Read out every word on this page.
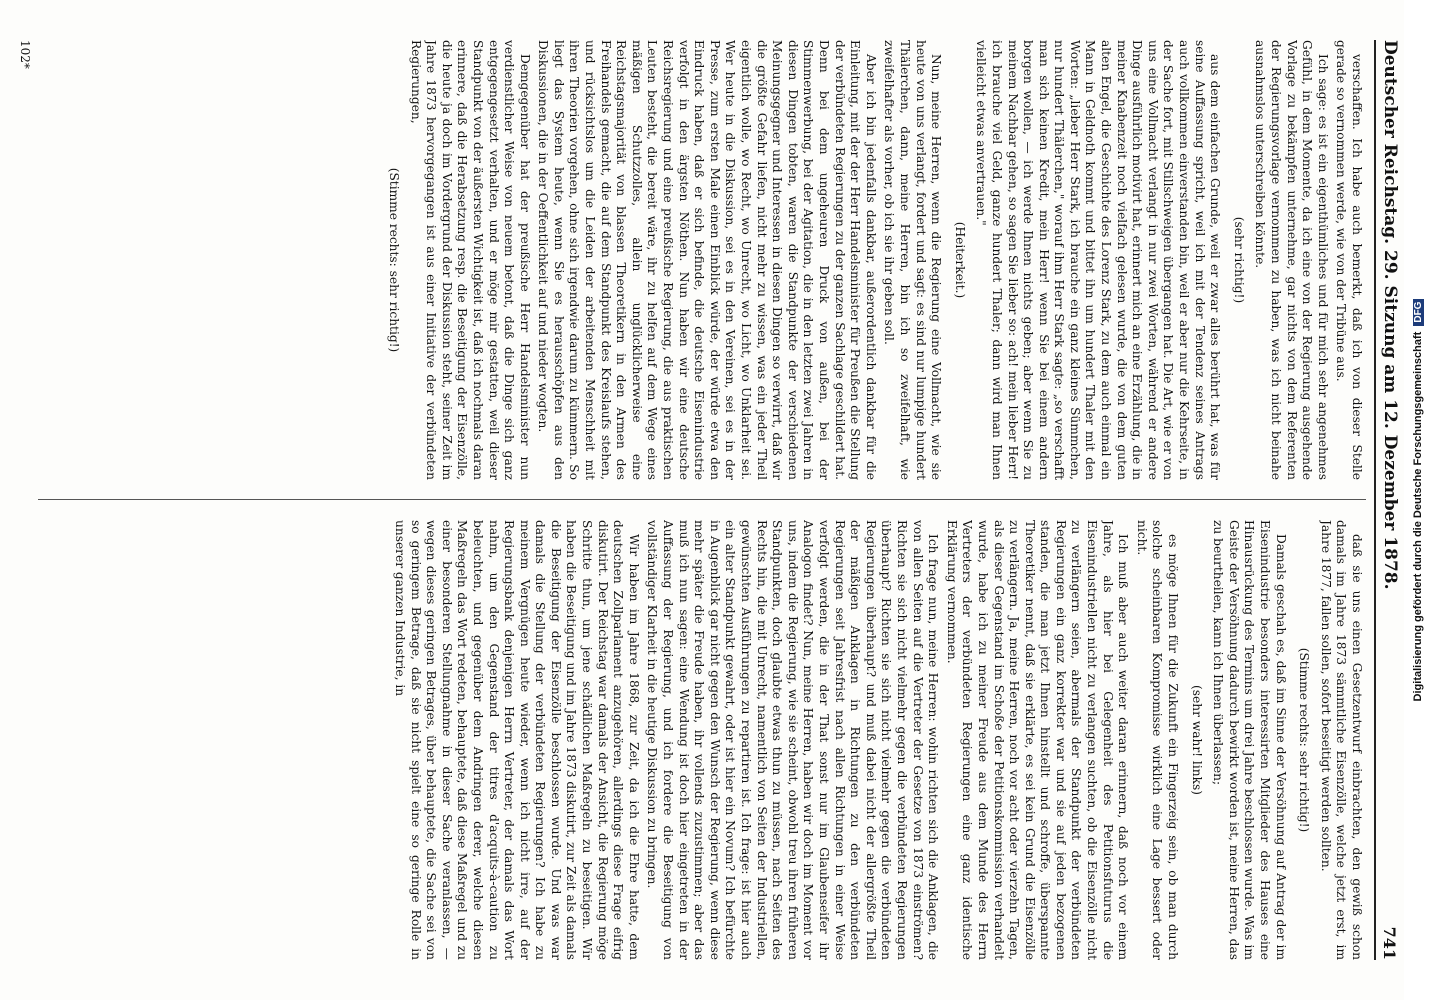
Deutscher Reichstag. 29. Sitzung am 12. Dezember 1878.
741

verschaffen. Ich habe auch bemerkt, daß ich von dieser Stelle gerade so vernommen werde, wie von der Tribüne aus.

Ich sage: es ist ein eigenthümliches und für mich sehr angenehmes Gefühl, in dem Momente, da ich eine von der Regierung ausgehende Vorlage zu bekämpfen unternehme, gar nichts von dem Referenten der Regierungsvorlage vernommen zu haben, was ich nicht beinahe ausnahmslos unterschreiben könnte.

(sehr richtig!)

aus dem einfachen Grunde, weil er zwar alles berührt hat, was für seine Auffassung spricht, weil ich mit der Tendenz seines Antrags auch vollkommen einverstanden bin, weil er aber nur die Kehrseite, in der Sache fort, mit Stillschweigen übergangen hat. Die Art, wie er von uns eine Vollmacht verlangt in nur zwei Worten, während er andere Dinge ausführlich motivirt hat, erinnert mich an eine Erzählung, die in meiner Knabenzeit noch vielfach gelesen wurde, die von dem guten alten Engel, die Geschichte des Lorenz Stark, zu dem auch einmal ein Mann in Geldnoth kommt und bittet ihn um hundert Thaler mit den Worten: „lieber Herr Stark, ich brauche ein ganz kleines Sümmchen, nur hundert Thälerchen," worauf ihm Herr Stark sagte: „so verschafft man sich keinen Kredit, mein Herr! wenn Sie bei einem andern borgen wollen, — ich werde Ihnen nichts geben; aber wenn Sie zu meinem Nachbar gehen, so sagen Sie lieber so: ach! mein lieber Herr! ich brauche viel Geld, ganze hundert Thaler; dann wird man Ihnen vielleicht etwas anvertrauen."

(Heiterkeit.)

Nun, meine Herren, wenn die Regierung eine Vollmacht, wie sie heute von uns verlangt, fordert und sagt: es sind nur lumpige hundert Thälerchen, dann, meine Herren, bin ich so zweifelhaft, wie zweifelhafter als vorher, ob ich sie ihr geben soll.

Aber ich bin jedenfalls dankbar, außerordentlich dankbar für die Einleitung, mit der der Herr Handelsminister für Preußen die Stellung der verbündeten Regierungen zu der ganzen Sachlage geschildert hat. Denn bei dem ungeheuren Druck von außen, bei der Stimmenwerbung, bei der Agitation, die in den letzten zwei Jahren in diesen Dingen tobten, waren die Standpunkte der verschiedenen Meinungsgegner und Interessen in diesen Dingen so verwirrt, daß wir die größte Gefahr liefen, nicht mehr zu wissen, was ein jeder Theil eigentlich wolle, wo Recht, wo Unrecht, wo Licht, wo Unklarheit sei. Wer heute in die Diskussion, sei es in den Vereinen, sei es in der Presse, zum ersten Male einen Einblick würde, der würde etwa den Eindruck haben, daß er sich befinde, die deutsche Eisenindustrie verfolgt in den ärgsten Nöthen. Nun haben wir eine deutsche Reichsregierung und eine preußische Regierung, die aus praktischen Leuten besteht, die bereit wäre, ihr zu helfen auf dem Wege eines mäßigen Schutzzolles, allein unglücklicherweise eine Reichstagsmajorität von blassen Theoretikern in den Armen des Freihandels gemacht, die auf dem Standpunkt des Kreislaufs stehen, und rücksichtslos um die Leiden der arbeitenden Menschheit mit ihren Theorien vorgehen, ohne sich irgendwie darum zu kümmern. So liegt das System heute, wenn Sie es herausschöpfen aus den Diskussionen, die in der Oeffentlichkeit auf und nieder wogten.

Demgegenüber hat der preußische Herr Handelsminister nun verdienstlicher Weise von neuem betont, daß die Dinge sich ganz entgegengesetzt verhalten, und er möge mir gestatten, weil dieser Standpunkt von der äußersten Wichtigkeit ist, daß ich nochmals daran erinnere, daß die Herabsetzung resp. die Beseitigung der Eisenzölle, die heute ja doch im Vordergrund der Diskussion steht, seiner Zeit im Jahre 1873 hervorgegangen ist aus einer Initiative der verbündeten Regierungen,

(Stimme rechts: sehr richtig!)

daß sie uns einen Gesetzentwurf einbrachten, den gewiß schon damals im Jahre 1873 sämmtliche Eisenzölle, welche jetzt erst, im Jahre 1877, fallen sollen, sofort beseitigt werden sollten.

(Stimme rechts: sehr richtig!)

Damals geschah es, daß im Sinne der Versöhnung auf Antrag der im Eisenindustrie besonders interessirten Mitglieder des Hauses eine Hinausrückung des Termins um drei Jahre beschlossen wurde. Was im Geiste der Versöhnung dadurch bewirkt worden ist, meine Herren, das zu beurtheilen, kann ich Ihnen überlassen;

(sehr wahr! links)

es möge Ihnen für die Zukunft ein Fingerzeig sein, ob man durch solche scheinbaren Kompromisse wirklich eine Lage bessert oder nicht.

Ich muß aber auch weiter daran erinnern, daß noch vor einem Jahre, als hier bei Gelegenheit des Petitionsfuturus die Eisenindustriellen nicht zu verlangen suchten, ob die Eisenzölle nicht zu verlängern seien, abermals der Standpunkt der verbündeten Regierungen ein ganz korrekter war und sie auf jeden bezogenen standen, die man jetzt Ihnen hinstellt und schroffe, überspannte Theoretiker nennt, daß sie erklärte, es sei kein Grund die Eisenzölle zu verlängern. Ja, meine Herren, noch vor acht oder vierzehn Tagen, als dieser Gegenstand im Schoße der Petitionskommission verhandelt wurde, habe ich zu meiner Freude aus dem Munde des Herrn Vertreters der verbündeten Regierungen eine ganz identische Erklärung vernommen.

Ich frage nun, meine Herren: wohin richten sich die Anklagen, die von allen Seiten auf die Vertreter der Gesetze von 1873 einströmen? Richten sie sich nicht vielmehr gegen die verbündeten Regierungen überhaupt? Richten sie sich nicht vielmehr gegen die verbündeten Regierungen überhaupt? und muß dabei nicht der allergrößte Theil der mäßigen Anklagen in Richtungen zu den verbündeten Regierungen seit Jahresfrist nach allen Richtungen in einer Weise verfolgt werden, die in der That sonst nur im Glaubenseifer ihr Analogon findet? Nun, meine Herren, haben wir doch im Moment vor uns, indem die Regierung, wie sie scheint, obwohl treu ihren früheren Standpunkten, doch glaubte etwas thun zu müssen, nach Seiten des Rechts hin, die mit Unrecht, namentlich von Seiten der Industriellen, gewünschten Ausführungen zu repartiren ist. Ich frage: ist hier auch ein alter Standpunkt gewahrt, oder ist hier ein Novum? Ich befürchte in Augenblick gar nicht gegen den Wunsch der Regierung, wenn diese mehr später die Freude haben, ihr vollends zuzustimmen; aber das muß ich nun sagen: eine Wendung ist doch hier eingetreten in der Auffassung der Regierung, und ich fordere die Beseitigung von vollständiger Klarheit in die heutige Diskussion zu bringen.

Wir haben im Jahre 1868, zur Zeit, da ich die Ehre hatte, dem deutschen Zollparlament anzugehören, allerdings diese Frage eifrig diskutirt. Der Reichstag war damals der Ansicht, die Regierung möge Schritte thun, um jene schädlichen Maßregeln zu beseitigen. Wir haben die Beseitigung und im Jahre 1873 diskutirt, zur Zeit als damals die Beseitigung der Eisenzölle beschlossen wurde. Und was war damals die Stellung der verbündeten Regierungen? Ich habe zu meinem Vergnügen heute wieder, wenn ich nicht irre, auf der Regierungsbank denjenigen Herrn Vertreter, der damals das Wort nahm, um den Gegenstand der titres d'acquits-à-caution zu beleuchten, und gegenüber dem Andringen derer, welche diesen Maßregeln das Wort redeten, behauptete, daß diese Maßregel und zu einer besonderen Stellungnahme in dieser Sache veranlassen, — wegen dieses geringen Betrages, über behauptete, die Sache sei von so geringem Betrage, daß sie nicht spielt eine so geringe Rolle in unserer ganzen Industrie, in

102*
Digitalisierung gefördert durch die Deutsche ForschungsgemeinschaftDFG
